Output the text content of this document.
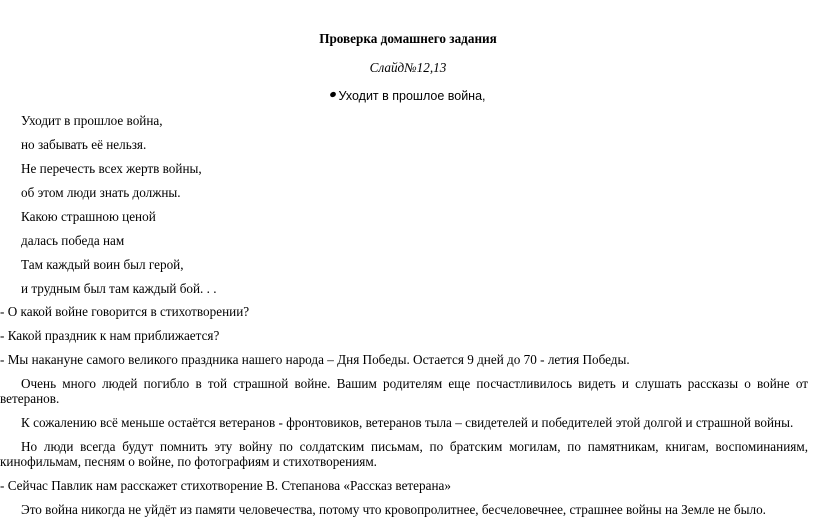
Проверка домашнего задания
Слайд№12,13
Уходит в прошлое война,
Уходит в прошлое война,
но забывать её нельзя.
Не перечесть всех жертв войны,
об этом люди знать должны.
Какою страшною ценой
далась победа нам
Там каждый воин был герой,
и трудным был там каждый бой. . .
- О какой войне говорится в стихотворении?
- Какой праздник к нам приближается?
- Мы накануне самого великого праздника нашего народа – Дня Победы. Остается 9 дней до 70 - летия Победы.
Очень много людей погибло в той страшной войне. Вашим родителям еще посчастливилось видеть и слушать рассказы о войне от ветеранов.
К сожалению всё меньше остаётся ветеранов - фронтовиков, ветеранов тыла – свидетелей и победителей этой долгой и страшной войны.
Но люди всегда будут помнить эту войну по солдатским письмам, по братским могилам, по памятникам, книгам, воспоминаниям, кинофильмам, песням о войне, по фотографиям и стихотворениям.
- Сейчас Павлик нам расскажет стихотворение В. Степанова «Рассказ ветерана»
Это война никогда не уйдёт из памяти человечества, потому что кровопролитнее, бесчеловечнее, страшнее войны на Земле не было.
